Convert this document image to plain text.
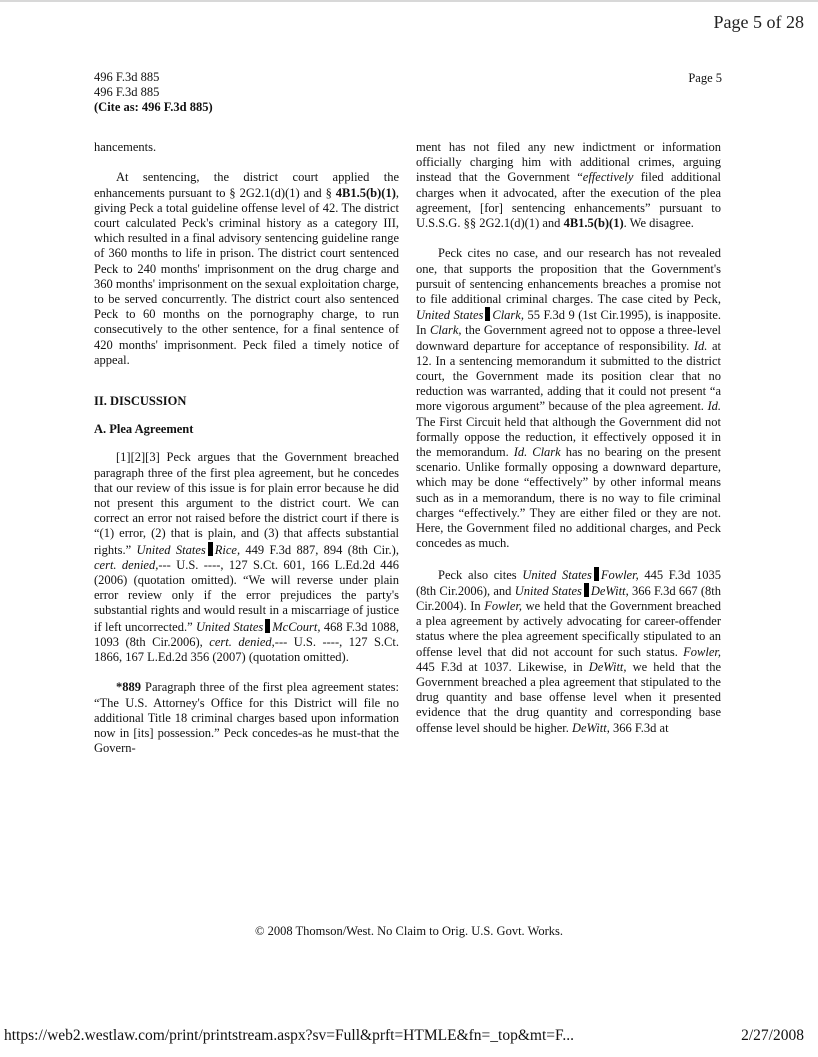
Page 5 of 28
496 F.3d 885
496 F.3d 885
(Cite as: 496 F.3d 885)
Page 5

hancements.

At sentencing, the district court applied the enhancements pursuant to § 2G2.1(d)(1) and § 4B1.5(b)(1), giving Peck a total guideline offense level of 42. The district court calculated Peck's criminal history as a category III, which resulted in a final advisory sentencing guideline range of 360 months to life in prison. The district court sentenced Peck to 240 months' imprisonment on the drug charge and 360 months' imprisonment on the sexual exploitation charge, to be served concurrently. The district court also sentenced Peck to 60 months on the pornography charge, to run consecutively to the other sentence, for a final sentence of 420 months' imprisonment. Peck filed a timely notice of appeal.

II. DISCUSSION
A. Plea Agreement

[1][2][3] Peck argues that the Government breached paragraph three of the first plea agreement, but he concedes that our review of this issue is for plain error because he did not present this argument to the district court. We can correct an error not raised before the district court if there is “(1) error, (2) that is plain, and (3) that affects substantial rights.” United States Rice, 449 F.3d 887, 894 (8th Cir.), cert. denied,--- U.S. ----, 127 S.Ct. 601, 166 L.Ed.2d 446 (2006) (quotation omitted). “We will reverse under plain error review only if the error prejudices the party's substantial rights and would result in a miscarriage of justice if left uncorrected.” United States McCourt, 468 F.3d 1088, 1093 (8th Cir.2006), cert. denied,--- U.S. ----, 127 S.Ct. 1866, 167 L.Ed.2d 356 (2007) (quotation omitted).

*889 Paragraph three of the first plea agreement states: “The U.S. Attorney's Office for this District will file no additional Title 18 criminal charges based upon information now in [its] possession.” Peck concedes-as he must-that the Govern-

ment has not filed any new indictment or information officially charging him with additional crimes, arguing instead that the Government “effectively filed additional charges when it advocated, after the execution of the plea agreement, [for] sentencing enhancements” pursuant to U.S.S.G. §§ 2G2.1(d)(1) and 4B1.5(b)(1). We disagree.

Peck cites no case, and our research has not revealed one, that supports the proposition that the Government's pursuit of sentencing enhancements breaches a promise not to file additional criminal charges. The case cited by Peck, United States Clark, 55 F.3d 9 (1st Cir.1995), is inapposite. In Clark, the Government agreed not to oppose a three-level downward departure for acceptance of responsibility. Id. at 12. In a sentencing memorandum it submitted to the district court, the Government made its position clear that no reduction was warranted, adding that it could not present “a more vigorous argument” because of the plea agreement. Id. The First Circuit held that although the Government did not formally oppose the reduction, it effectively opposed it in the memorandum. Id. Clark has no bearing on the present scenario. Unlike formally opposing a downward departure, which may be done “effectively” by other informal means such as in a memorandum, there is no way to file criminal charges “effectively.” They are either filed or they are not. Here, the Government filed no additional charges, and Peck concedes as much.

Peck also cites United States Fowler, 445 F.3d 1035 (8th Cir.2006), and United States DeWitt, 366 F.3d 667 (8th Cir.2004). In Fowler, we held that the Government breached a plea agreement by actively advocating for career-offender status where the plea agreement specifically stipulated to an offense level that did not account for such status. Fowler, 445 F.3d at 1037. Likewise, in DeWitt, we held that the Government breached a plea agreement that stipulated to the drug quantity and base offense level when it presented evidence that the drug quantity and corresponding base offense level should be higher. DeWitt, 366 F.3d at

© 2008 Thomson/West. No Claim to Orig. U.S. Govt. Works.
https://web2.westlaw.com/print/printstream.aspx?sv=Full&prft=HTMLE&fn=_top&mt=F...	2/27/2008
